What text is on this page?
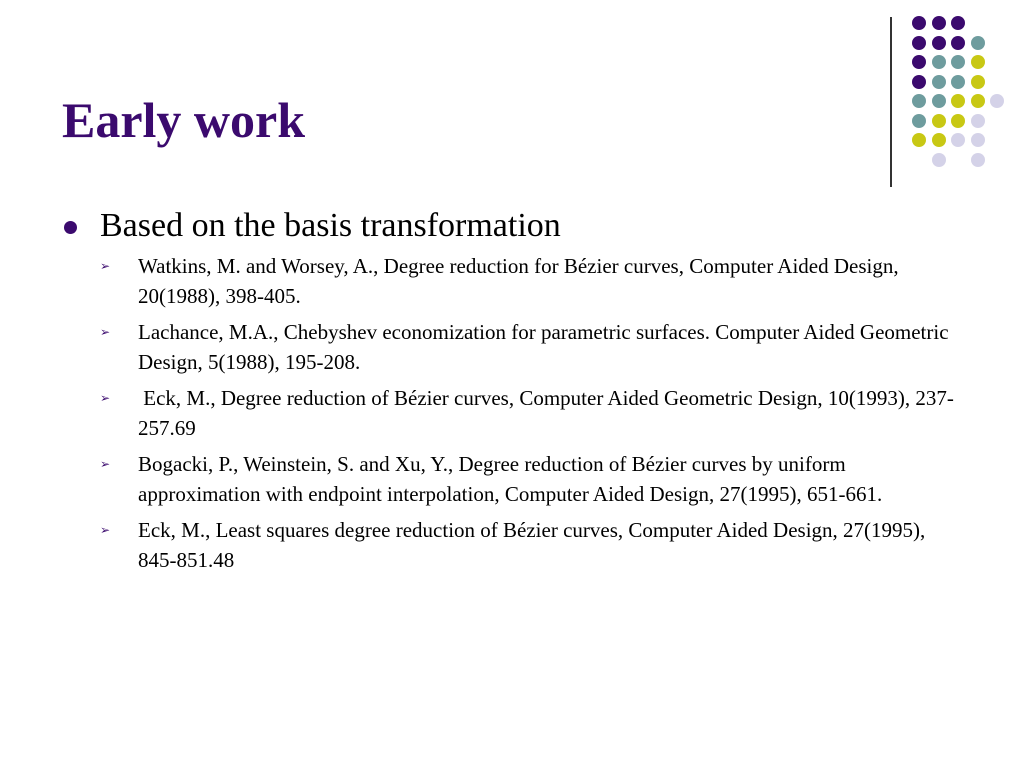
Early work
Based on the basis transformation
➢	Watkins, M. and Worsey, A., Degree reduction for Bézier curves, Computer Aided Design, 20(1988), 398-405.
➢	Lachance, M.A., Chebyshev economization for parametric surfaces. Computer Aided Geometric Design, 5(1988), 195-208.
➢	Eck, M., Degree reduction of Bézier curves, Computer Aided Geometric Design, 10(1993), 237-257.69
➢	Bogacki, P., Weinstein, S. and Xu, Y., Degree reduction of Bézier curves by uniform approximation with endpoint interpolation, Computer Aided Design, 27(1995), 651-661.
➢	Eck, M., Least squares degree reduction of Bézier curves, Computer Aided Design, 27(1995), 845-851.48
